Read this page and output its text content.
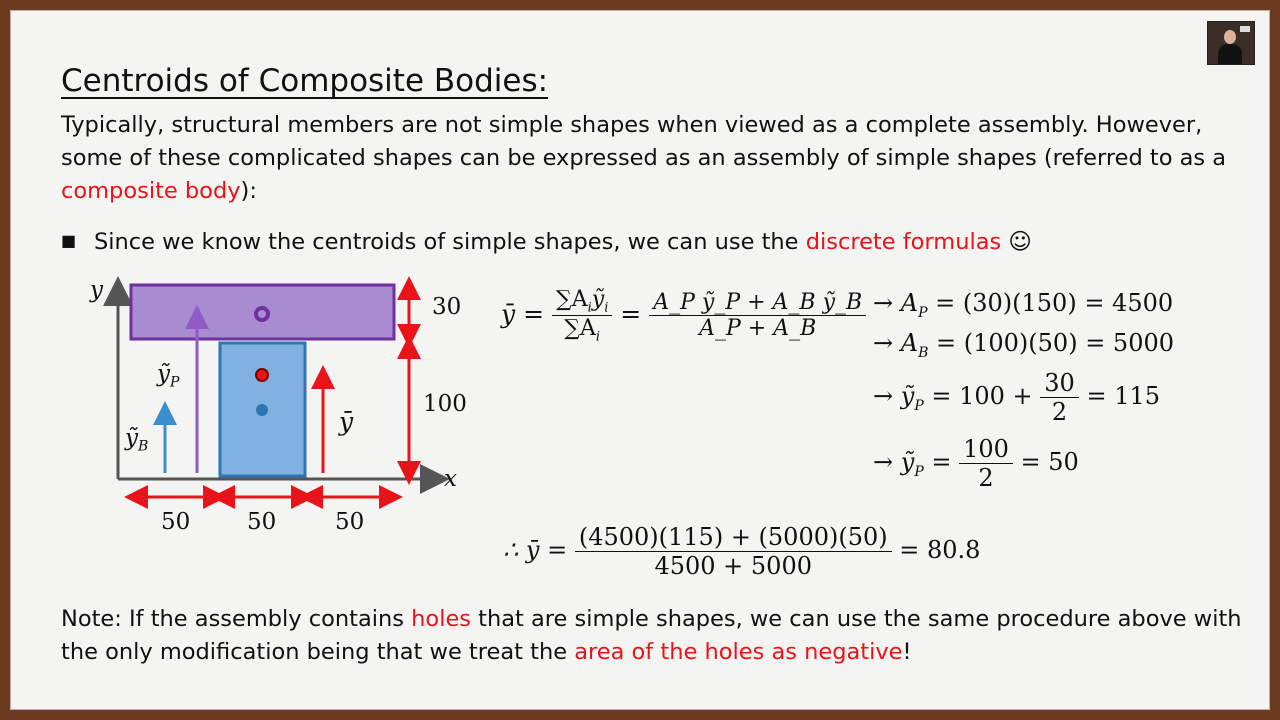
Centroids of Composite Bodies:
Typically, structural members are not simple shapes when viewed as a complete assembly. However, some of these complicated shapes can be expressed as an assembly of simple shapes (referred to as a composite body):
■ Since we know the centroids of simple shapes, we can use the discrete formulas ☺
y
x
30
100
50 50	50
ỹ$_P$
ỹ$_B$
ȳ
ȳ = $\frac{\sum A_iỹ_i}{\sum A_i} = \frac{\text{A\_P ỹ\_P + A\_B ỹ\_B}}{A\_P + A\_B} \to A_P = (30)(150) = 4500$
→ $A_B = (100)(50) = 5000$
→ ỹ$_P$ = $100 + \frac{30}{2} = 115$
→ ỹ$_P$ = $\frac{100}{2} = 50$
∴ ȳ = $\frac{(4500)(115) + (5000)(50)}{4500 + 5000} = 80.8$
Note: If the assembly contains holes that are simple shapes, we can use the same procedure above with the only modification being that we treat the area of the holes as negative!
